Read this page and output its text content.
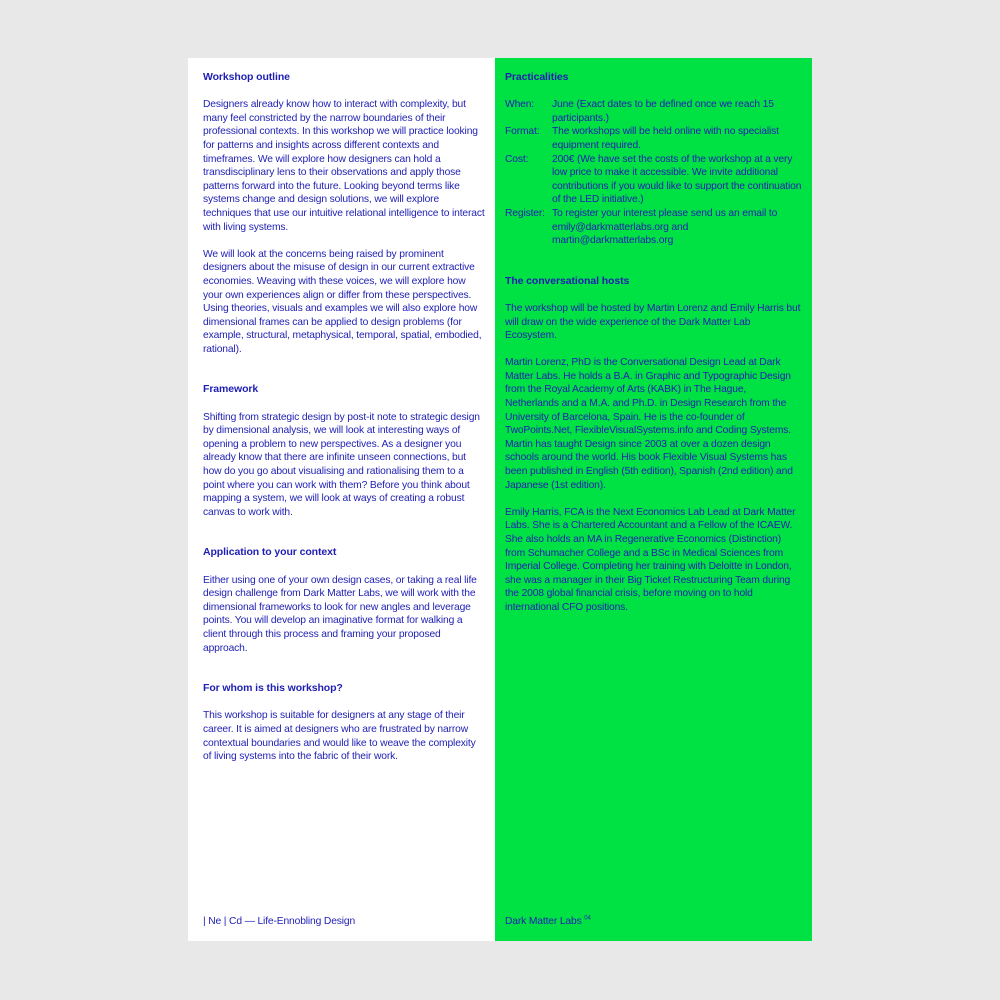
Workshop outline

Designers already know how to interact with complexity, but many feel constricted by the narrow boundaries of their professional contexts. In this workshop we will practice looking for patterns and insights across different contexts and timeframes. We will explore how designers can hold a transdisciplinary lens to their observations and apply those patterns forward into the future. Looking beyond terms like systems change and design solutions, we will explore techniques that use our intuitive relational intelligence to interact with living systems.

We will look at the concerns being raised by prominent designers about the misuse of design in our current extractive economies. Weaving with these voices, we will explore how your own experiences align or differ from these perspectives. Using theories, visuals and examples we will also explore how dimensional frames can be applied to design problems (for example, structural, metaphysical, temporal, spatial, embodied, rational).

Framework

Shifting from strategic design by post-it note to strategic design by dimensional analysis, we will look at interesting ways of opening a problem to new perspectives. As a designer you already know that there are infinite unseen connections, but how do you go about visualising and rationalising them to a point where you can work with them? Before you think about mapping a system, we will look at ways of creating a robust canvas to work with.

Application to your context

Either using one of your own design cases, or taking a real life design challenge from Dark Matter Labs, we will work with the dimensional frameworks to look for new angles and leverage points. You will develop an imaginative format for walking a client through this process and framing your proposed approach.

For whom is this workshop?

This workshop is suitable for designers at any stage of their career. It is aimed at designers who are frustrated by narrow contextual boundaries and would like to weave the complexity of living systems into the fabric of their work.

| Ne | Cd — Life-Ennobling Design
Practicalities
When:	June (Exact dates to be defined once we reach 15 participants.)
Format:	The workshops will be held online with no specialist equipment required.
Cost:	200€ (We have set the costs of the workshop at a very low price to make it accessible. We invite additional contributions if you would like to support the continuation of the LED initiative.)
Register: To register your interest please send us an email to emily@darkmatterlabs.org and martin@darkmatterlabs.org
The conversational hosts

The workshop will be hosted by Martin Lorenz and Emily Harris but will draw on the wide experience of the Dark Matter Lab Ecosystem.

Martin Lorenz, PhD is the Conversational Design Lead at Dark Matter Labs. He holds a B.A. in Graphic and Typographic Design from the Royal Academy of Arts (KABK) in The Hague, Netherlands and a M.A. and Ph.D. in Design Research from the University of Barcelona, Spain. He is the co-founder of TwoPoints.Net, FlexibleVisualSystems.info and Coding Systems. Martin has taught Design since 2003 at over a dozen design schools around the world. His book Flexible Visual Systems has been published in English (5th edition), Spanish (2nd edition) and Japanese (1st edition).

Emily Harris, FCA is the Next Economics Lab Lead at Dark Matter Labs. She is a Chartered Accountant and a Fellow of the ICAEW. She also holds an MA in Regenerative Economics (Distinction) from Schumacher College and a BSc in Medical Sciences from Imperial College. Completing her training with Deloitte in London, she was a manager in their Big Ticket Restructuring Team during the 2008 global financial crisis, before moving on to hold international CFO positions.

Dark Matter Labs $^{04}$
